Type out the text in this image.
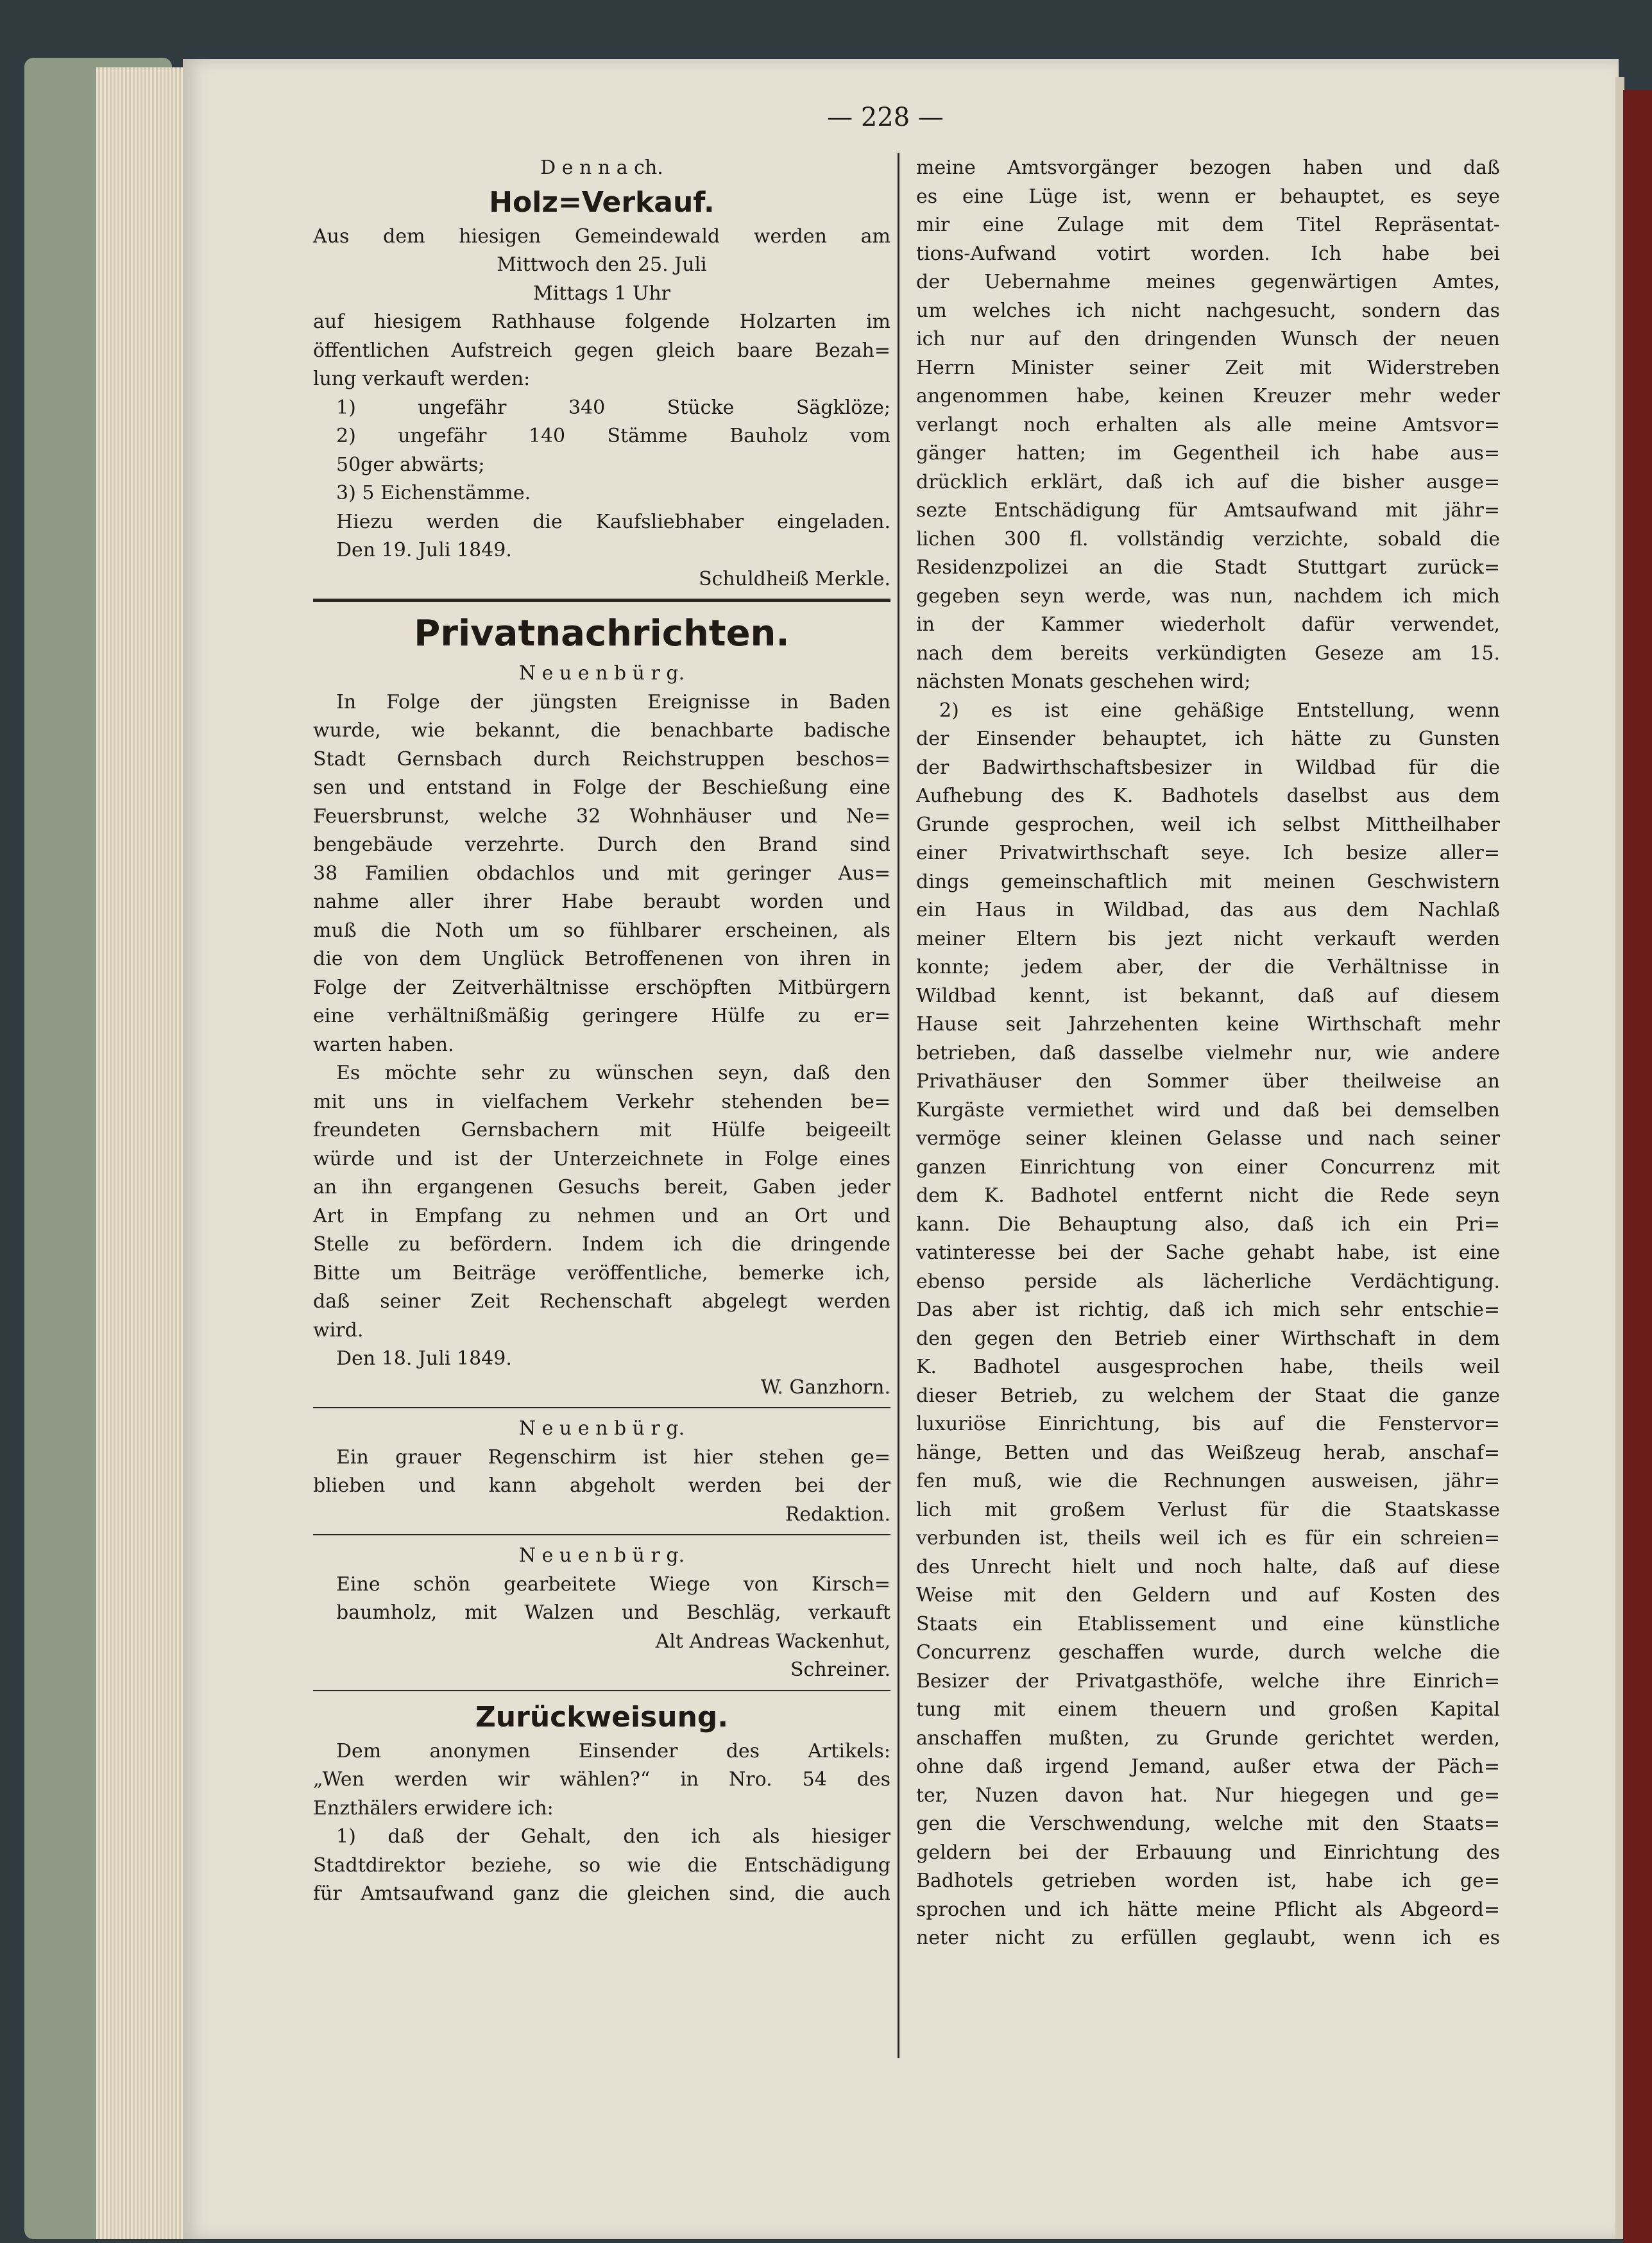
— 228 —
D e n n a ch.
Holz=Verkauf.
Aus dem hiesigen Gemeindewald werden am
Mittwoch den 25. Juli
Mittags 1 Uhr
auf hiesigem Rathhause folgende Holzarten im
öffentlichen Aufstreich gegen gleich baare Bezah=
lung verkauft werden:
1) ungefähr 340 Stücke Sägklöze;
2) ungefähr 140 Stämme Bauholz vom
50ger abwärts;
3) 5 Eichenstämme.
Hiezu werden die Kaufsliebhaber eingeladen.
Den 19. Juli 1849.
Schuldheiß Merkle.
Privatnachrichten.
N e u e n b ü r g.
In Folge der jüngsten Ereignisse in Baden
wurde, wie bekannt, die benachbarte badische
Stadt Gernsbach durch Reichstruppen beschos=
sen und entstand in Folge der Beschießung eine
Feuersbrunst, welche 32 Wohnhäuser und Ne=
bengebäude verzehrte. Durch den Brand sind
38 Familien obdachlos und mit geringer Aus=
nahme aller ihrer Habe beraubt worden und
muß die Noth um so fühlbarer erscheinen, als
die von dem Unglück Betroffenenen von ihren in
Folge der Zeitverhältnisse erschöpften Mitbürgern
eine verhältnißmäßig geringere Hülfe zu er=
warten haben.
Es möchte sehr zu wünschen seyn, daß den
mit uns in vielfachem Verkehr stehenden be=
freundeten Gernsbachern mit Hülfe beigeeilt
würde und ist der Unterzeichnete in Folge eines
an ihn ergangenen Gesuchs bereit, Gaben jeder
Art in Empfang zu nehmen und an Ort und
Stelle zu befördern. Indem ich die dringende
Bitte um Beiträge veröffentliche, bemerke ich,
daß seiner Zeit Rechenschaft abgelegt werden
wird.
Den 18. Juli 1849.
W. Ganzhorn.
N e u e n b ü r g.
Ein grauer Regenschirm ist hier stehen ge=
blieben und kann abgeholt werden bei der
Redaktion.
N e u e n b ü r g.
Eine schön gearbeitete Wiege von Kirsch=
baumholz, mit Walzen und Beschläg, verkauft
Alt Andreas Wackenhut,
Schreiner.
Zurückweisung.
Dem anonymen Einsender des Artikels:
„Wen werden wir wählen?“ in Nro. 54 des
Enzthälers erwidere ich:
1) daß der Gehalt, den ich als hiesiger
Stadtdirektor beziehe, so wie die Entschädigung
für Amtsaufwand ganz die gleichen sind, die auch
meine Amtsvorgänger bezogen haben und daß
es eine Lüge ist, wenn er behauptet, es seye
mir eine Zulage mit dem Titel Repräsentat-
tions-Aufwand votirt worden. Ich habe bei
der Uebernahme meines gegenwärtigen Amtes,
um welches ich nicht nachgesucht, sondern das
ich nur auf den dringenden Wunsch der neuen
Herrn Minister seiner Zeit mit Widerstreben
angenommen habe, keinen Kreuzer mehr weder
verlangt noch erhalten als alle meine Amtsvor=
gänger hatten; im Gegentheil ich habe aus=
drücklich erklärt, daß ich auf die bisher ausge=
sezte Entschädigung für Amtsaufwand mit jähr=
lichen 300 fl. vollständig verzichte, sobald die
Residenzpolizei an die Stadt Stuttgart zurück=
gegeben seyn werde, was nun, nachdem ich mich
in der Kammer wiederholt dafür verwendet,
nach dem bereits verkündigten Geseze am 15.
nächsten Monats geschehen wird;
2) es ist eine gehäßige Entstellung, wenn
der Einsender behauptet, ich hätte zu Gunsten
der Badwirthschaftsbesizer in Wildbad für die
Aufhebung des K. Badhotels daselbst aus dem
Grunde gesprochen, weil ich selbst Mittheilhaber
einer Privatwirthschaft seye. Ich besize aller=
dings gemeinschaftlich mit meinen Geschwistern
ein Haus in Wildbad, das aus dem Nachlaß
meiner Eltern bis jezt nicht verkauft werden
konnte; jedem aber, der die Verhältnisse in
Wildbad kennt, ist bekannt, daß auf diesem
Hause seit Jahrzehenten keine Wirthschaft mehr
betrieben, daß dasselbe vielmehr nur, wie andere
Privathäuser den Sommer über theilweise an
Kurgäste vermiethet wird und daß bei demselben
vermöge seiner kleinen Gelasse und nach seiner
ganzen Einrichtung von einer Concurrenz mit
dem K. Badhotel entfernt nicht die Rede seyn
kann. Die Behauptung also, daß ich ein Pri=
vatinteresse bei der Sache gehabt habe, ist eine
ebenso perside als lächerliche Verdächtigung.
Das aber ist richtig, daß ich mich sehr entschie=
den gegen den Betrieb einer Wirthschaft in dem
K. Badhotel ausgesprochen habe, theils weil
dieser Betrieb, zu welchem der Staat die ganze
luxuriöse Einrichtung, bis auf die Fenstervor=
hänge, Betten und das Weißzeug herab, anschaf=
fen muß, wie die Rechnungen ausweisen, jähr=
lich mit großem Verlust für die Staatskasse
verbunden ist, theils weil ich es für ein schreien=
des Unrecht hielt und noch halte, daß auf diese
Weise mit den Geldern und auf Kosten des
Staats ein Etablissement und eine künstliche
Concurrenz geschaffen wurde, durch welche die
Besizer der Privatgasthöfe, welche ihre Einrich=
tung mit einem theuern und großen Kapital
anschaffen mußten, zu Grunde gerichtet werden,
ohne daß irgend Jemand, außer etwa der Päch=
ter, Nuzen davon hat. Nur hiegegen und ge=
gen die Verschwendung, welche mit den Staats=
geldern bei der Erbauung und Einrichtung des
Badhotels getrieben worden ist, habe ich ge=
sprochen und ich hätte meine Pflicht als Abgeord=
neter nicht zu erfüllen geglaubt, wenn ich es
